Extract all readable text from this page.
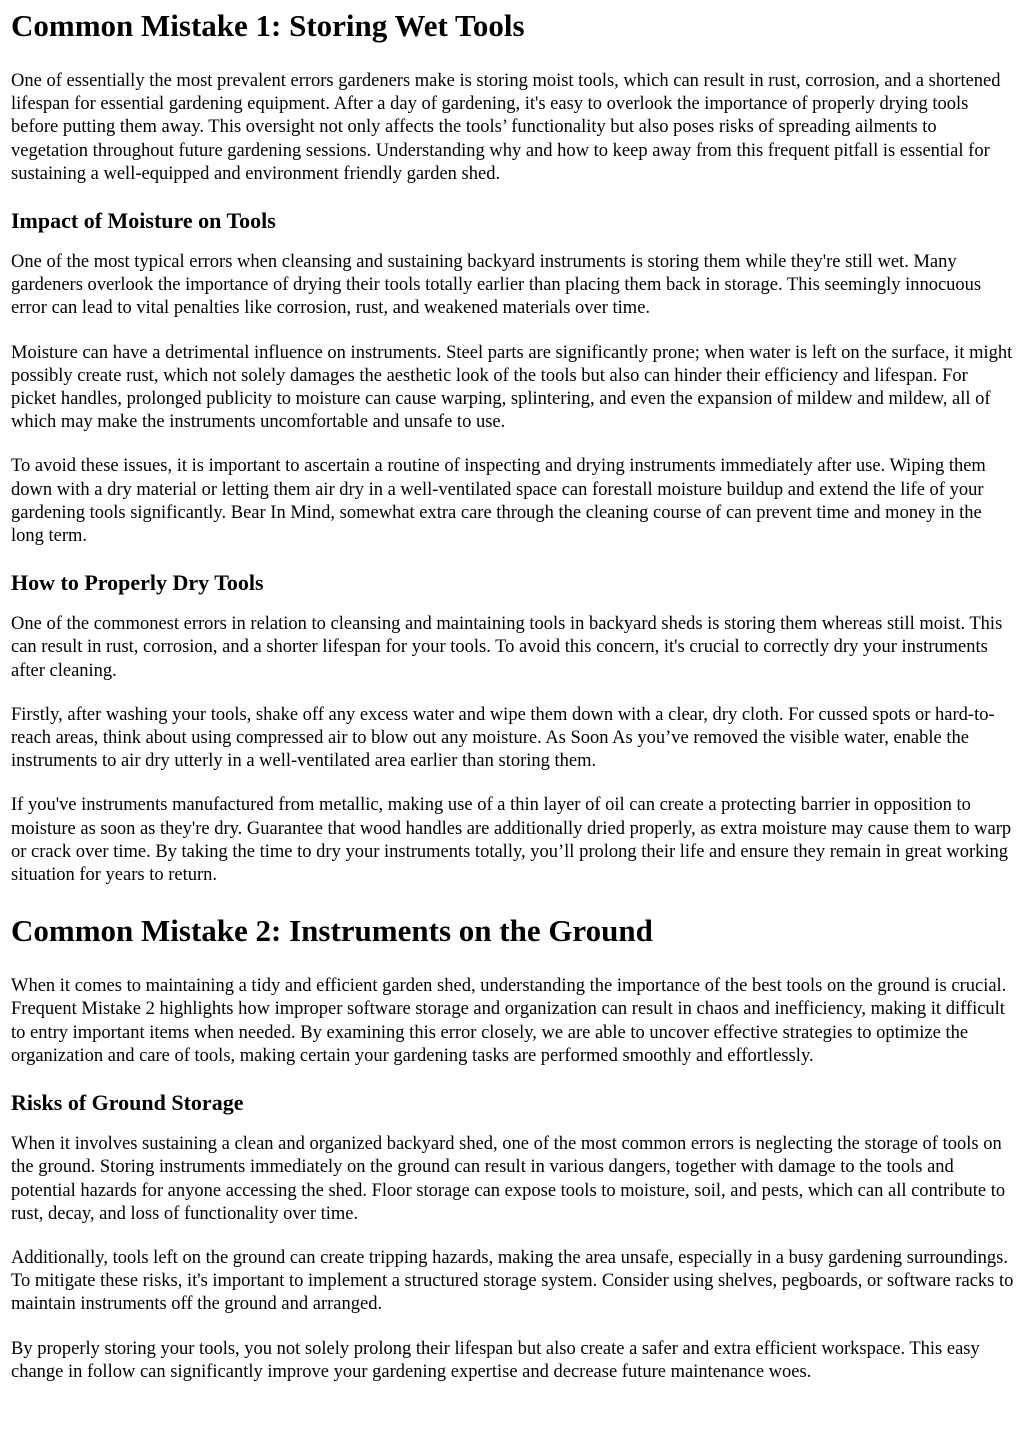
Common Mistake 1: Storing Wet Tools

One of essentially the most prevalent errors gardeners make is storing moist tools, which can result in rust, corrosion, and a shortened lifespan for essential gardening equipment. After a day of gardening, it's easy to overlook the importance of properly drying tools before putting them away. This oversight not only affects the tools’ functionality but also poses risks of spreading ailments to vegetation throughout future gardening sessions. Understanding why and how to keep away from this frequent pitfall is essential for sustaining a well-equipped and environment friendly garden shed.

Impact of Moisture on Tools

One of the most typical errors when cleansing and sustaining backyard instruments is storing them while they're still wet. Many gardeners overlook the importance of drying their tools totally earlier than placing them back in storage. This seemingly innocuous error can lead to vital penalties like corrosion, rust, and weakened materials over time.

Moisture can have a detrimental influence on instruments. Steel parts are significantly prone; when water is left on the surface, it might possibly create rust, which not solely damages the aesthetic look of the tools but also can hinder their efficiency and lifespan. For picket handles, prolonged publicity to moisture can cause warping, splintering, and even the expansion of mildew and mildew, all of which may make the instruments uncomfortable and unsafe to use.

To avoid these issues, it is important to ascertain a routine of inspecting and drying instruments immediately after use. Wiping them down with a dry material or letting them air dry in a well-ventilated space can forestall moisture buildup and extend the life of your gardening tools significantly. Bear In Mind, somewhat extra care through the cleaning course of can prevent time and money in the long term.

How to Properly Dry Tools

One of the commonest errors in relation to cleansing and maintaining tools in backyard sheds is storing them whereas still moist. This can result in rust, corrosion, and a shorter lifespan for your tools. To avoid this concern, it's crucial to correctly dry your instruments after cleaning.

Firstly, after washing your tools, shake off any excess water and wipe them down with a clear, dry cloth. For cussed spots or hard-to-reach areas, think about using compressed air to blow out any moisture. As Soon As you’ve removed the visible water, enable the instruments to air dry utterly in a well-ventilated area earlier than storing them.

If you've instruments manufactured from metallic, making use of a thin layer of oil can create a protecting barrier in opposition to moisture as soon as they're dry. Guarantee that wood handles are additionally dried properly, as extra moisture may cause them to warp or crack over time. By taking the time to dry your instruments totally, you’ll prolong their life and ensure they remain in great working situation for years to return.

Common Mistake 2: Instruments on the Ground

When it comes to maintaining a tidy and efficient garden shed, understanding the importance of the best tools on the ground is crucial. Frequent Mistake 2 highlights how improper software storage and organization can result in chaos and inefficiency, making it difficult to entry important items when needed. By examining this error closely, we are able to uncover effective strategies to optimize the organization and care of tools, making certain your gardening tasks are performed smoothly and effortlessly.

Risks of Ground Storage

When it involves sustaining a clean and organized backyard shed, one of the most common errors is neglecting the storage of tools on the ground. Storing instruments immediately on the ground can result in various dangers, together with damage to the tools and potential hazards for anyone accessing the shed. Floor storage can expose tools to moisture, soil, and pests, which can all contribute to rust, decay, and loss of functionality over time.

Additionally, tools left on the ground can create tripping hazards, making the area unsafe, especially in a busy gardening surroundings. To mitigate these risks, it's important to implement a structured storage system. Consider using shelves, pegboards, or software racks to maintain instruments off the ground and arranged.

By properly storing your tools, you not solely prolong their lifespan but also create a safer and extra efficient workspace. This easy change in follow can significantly improve your gardening expertise and decrease future maintenance woes.
